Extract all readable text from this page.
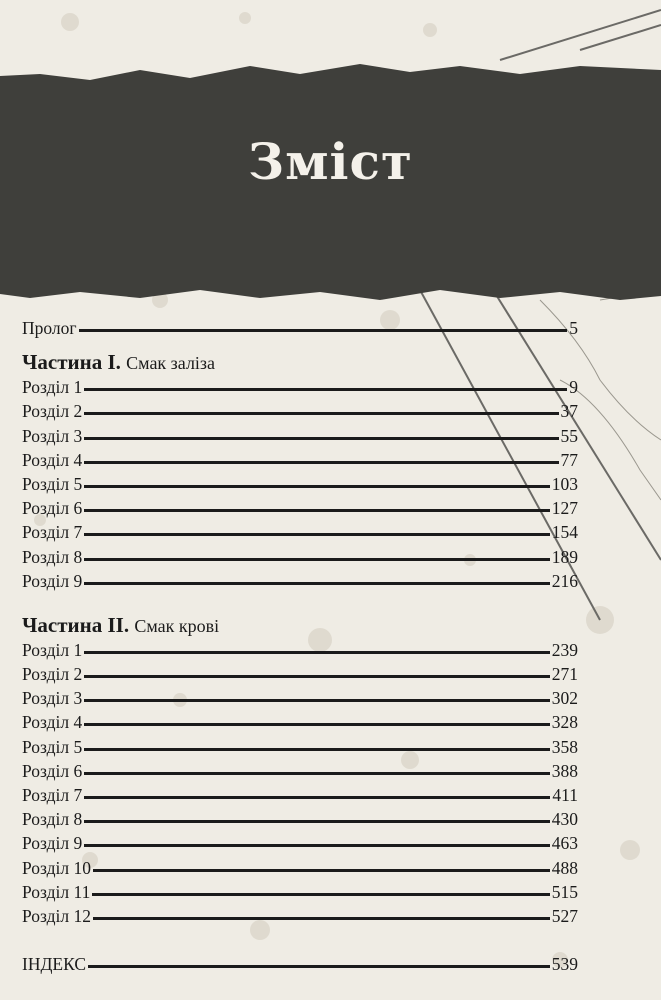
Зміст
Пролог	5
Частина I. Смак заліза
Розділ 1	9
Розділ 2	37
Розділ 3	55
Розділ 4	77
Розділ 5	103
Розділ 6	127
Розділ 7	154
Розділ 8	189
Розділ 9	216
Частина II. Смак крові
Розділ 1	239
Розділ 2	271
Розділ 3	302
Розділ 4	328
Розділ 5	358
Розділ 6	388
Розділ 7	411
Розділ 8	430
Розділ 9	463
Розділ 10	488
Розділ 11	515
Розділ 12	527
ІНДЕКС	539
